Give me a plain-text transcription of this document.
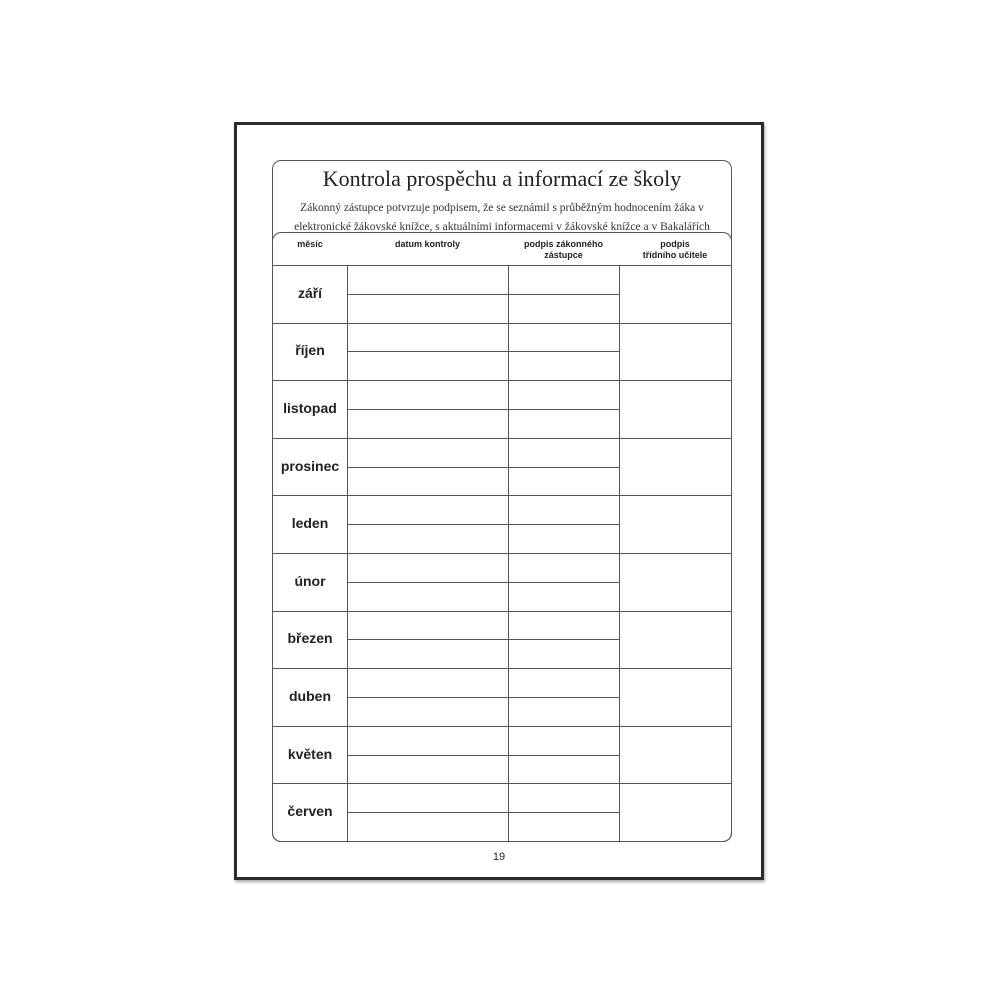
Kontrola prospěchu a informací ze školy
Zákonný zástupce potvrzuje podpisem, že se seznámil s průběžným hodnocením žáka v
elektronické žákovské knížce, s aktuálními informacemi v žákovské knížce a v Bakalářích
měsíc	datum kontroly	podpis zákonného
zástupce
podpis
třídního učitele
září
říjen
listopad
prosinec
leden
únor
březen
duben
květen
červen
19
